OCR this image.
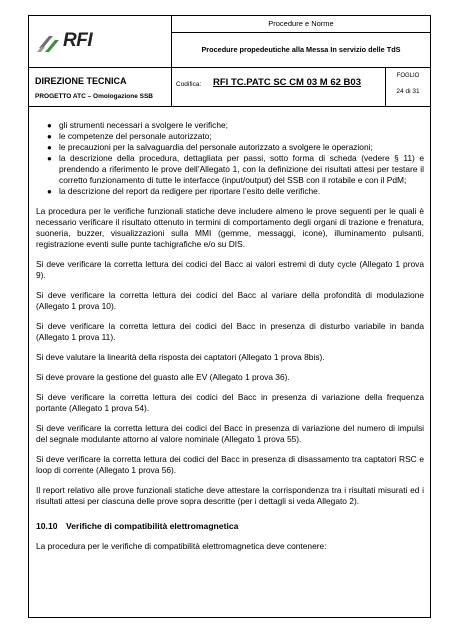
RFI
Procedure e Norme
Procedure propedeutiche alla Messa In servizio delle TdS
DIREZIONE TECNICA
PROGETTO ATC – Omologazione SSB
Codifica: RFI TC.PATC SC CM 03 M 62 B03
FOGLIO
24 di 31
● gli strumenti necessari a svolgere le verifiche;
● le competenze del personale autorizzato;
● le precauzioni per la salvaguardia del personale autorizzato a svolgere le operazioni;
● la descrizione della procedura, dettagliata per passi, sotto forma di scheda (vedere § 11) e prendendo a riferimento le prove dell’Allegato 1, con la definizione dei risultati attesi per testare il corretto funzionamento di tutte le interfacce (input/output) del SSB con il rotabile e con il PdM;
● la descrizione del report da redigere per riportare l’esito delle verifiche.

La procedura per le verifiche funzionali statiche deve includere almeno le prove seguenti per le quali è necessario verificare il risultato ottenuto in termini di comportamento degli organi di trazione e frenatura, suoneria, buzzer, visualizzazioni sulla MMI (gemme, messaggi, icone), illuminamento pulsanti, registrazione eventi sulle punte tachigrafiche e/o su DIS.

Si deve verificare la corretta lettura dei codici del Bacc ai valori estremi di duty cycle (Allegato 1 prova 9).

Si deve verificare la corretta lettura dei codici del Bacc al variare della profondità di modulazione (Allegato 1 prova 10).

Si deve verificare la corretta lettura dei codici del Bacc in presenza di disturbo variabile in banda (Allegato 1 prova 11).

Si deve valutare la linearità della risposta dei captatori (Allegato 1 prova 8bis).

Si deve provare la gestione del guasto alle EV (Allegato 1 prova 36).

Si deve verificare la corretta lettura dei codici del Bacc in presenza di variazione della frequenza portante (Allegato 1 prova 54).

Si deve verificare la corretta lettura dei codici del Bacc in presenza di variazione del numero di impulsi del segnale modulante attorno al valore nominale (Allegato 1 prova 55).

Si deve verificare la corretta lettura dei codici del Bacc in presenza di disassamento tra captatori RSC e loop di corrente (Allegato 1 prova 56).

Il report relativo alle prove funzionali statiche deve attestare la corrispondenza tra i risultati misurati ed i risultati attesi per ciascuna delle prove sopra descritte (per i dettagli si veda Allegato 2).

10.10 Verifiche di compatibilità elettromagnetica

La procedura per le verifiche di compatibilità elettromagnetica deve contenere:
